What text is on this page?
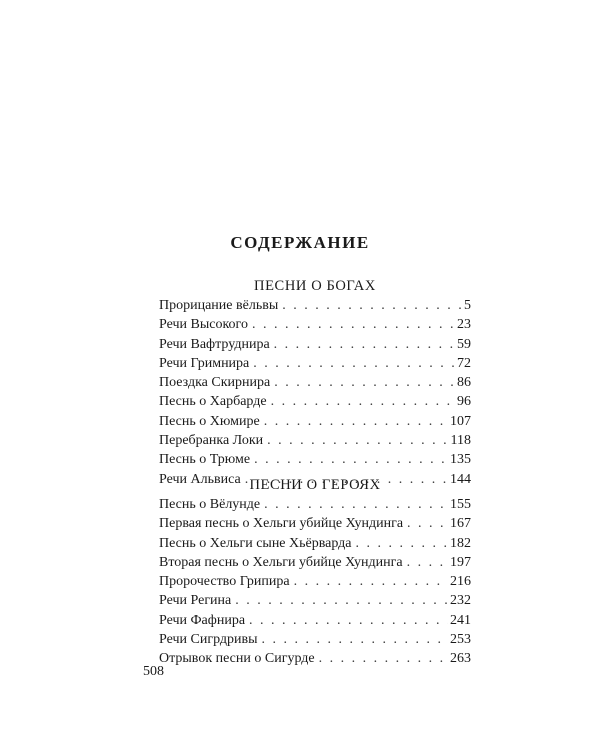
СОДЕРЖАНИЕ
ПЕСНИ О БОГАХ
Прорицание вёльвы . . .	5
Речи Высокого . . .	23
Речи Вафтруднира . . .	59
Речи Гримнира . . .	72
Поездка Скирнира . . .	86
Песнь о Харбарде . . .	96
Песнь о Хюмире . . .	107
Перебранка Локи . . .	118
Песнь о Трюме . . .	135
Речи Альвиса . . .	144
ПЕСНИ О ГЕРОЯХ
Песнь о Вёлунде . . .	155
Первая песнь о Хельги убийце Хундинга . . .	167
Песнь о Хельги сыне Хьёрварда . . .	182
Вторая песнь о Хельги убийце Хундинга . . .	197
Пророчество Грипира . . .	216
Речи Регина . . .	232
Речи Фафнира . . .	241
Речи Сигрдривы . . .	253
Отрывок песни о Сигурде . . .	263
508
